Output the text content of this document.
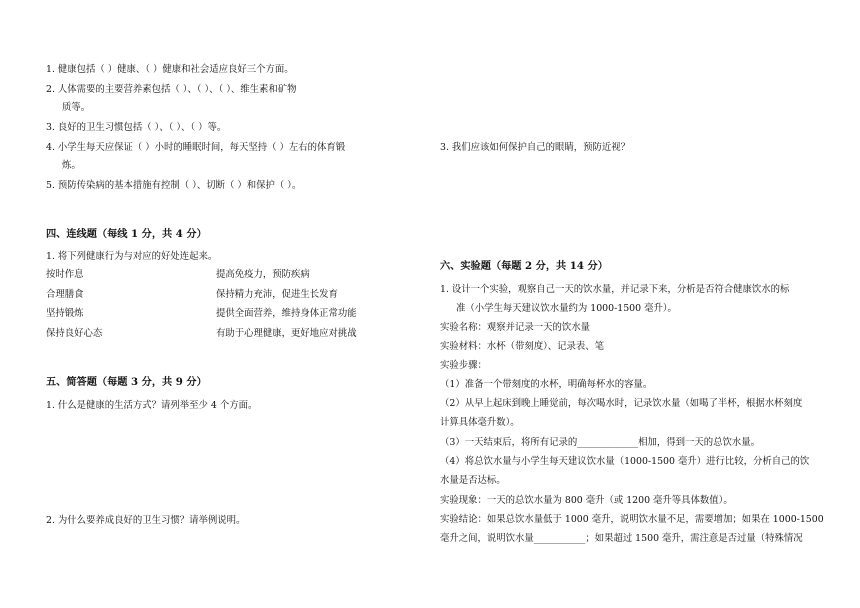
1. 健康包括（ ）健康、（ ）健康和社会适应良好三个方面。
2. 人体需要的主要营养素包括（ ）、（ ）、（ ）、维生素和矿物
质等。
3. 良好的卫生习惯包括（ ）、（ ）、（ ）等。
4. 小学生每天应保证（ ）小时的睡眠时间，每天坚持（ ）左右的体育锻
炼。
5. 预防传染病的基本措施有控制（ ）、切断（ ）和保护（ ）。
四、连线题（每线 1 分，共 4 分）
1. 将下列健康行为与对应的好处连起来。
按时作息	提高免疫力，预防疾病
合理膳食	保持精力充沛，促进生长发育
坚持锻炼	提供全面营养，维持身体正常功能
保持良好心态	有助于心理健康，更好地应对挑战
五、简答题（每题 3 分，共 9 分）
1. 什么是健康的生活方式？请列举至少 4 个方面。
2. 为什么要养成良好的卫生习惯？请举例说明。
3. 我们应该如何保护自己的眼睛，预防近视？
六、实验题（每题 2 分，共 14 分）
1. 设计一个实验，观察自己一天的饮水量，并记录下来，分析是否符合健康饮水的标
准（小学生每天建议饮水量约为 1000-1500 毫升）。
实验名称：观察并记录一天的饮水量
实验材料：水杯（带刻度）、记录表、笔
实验步骤：
（1）准备一个带刻度的水杯，明确每杯水的容量。
（2）从早上起床到晚上睡觉前，每次喝水时，记录饮水量（如喝了半杯，根据水杯刻度
计算具体毫升数）。
（3）一天结束后，将所有记录的_____________相加，得到一天的总饮水量。
（4）将总饮水量与小学生每天建议饮水量（1000-1500 毫升）进行比较，分析自己的饮
水量是否达标。
实验现象：一天的总饮水量为 800 毫升（或 1200 毫升等具体数值）。
实验结论：如果总饮水量低于 1000 毫升，说明饮水量不足，需要增加；如果在 1000-1500
毫升之间，说明饮水量___________；如果超过 1500 毫升，需注意是否过量（特殊情况
